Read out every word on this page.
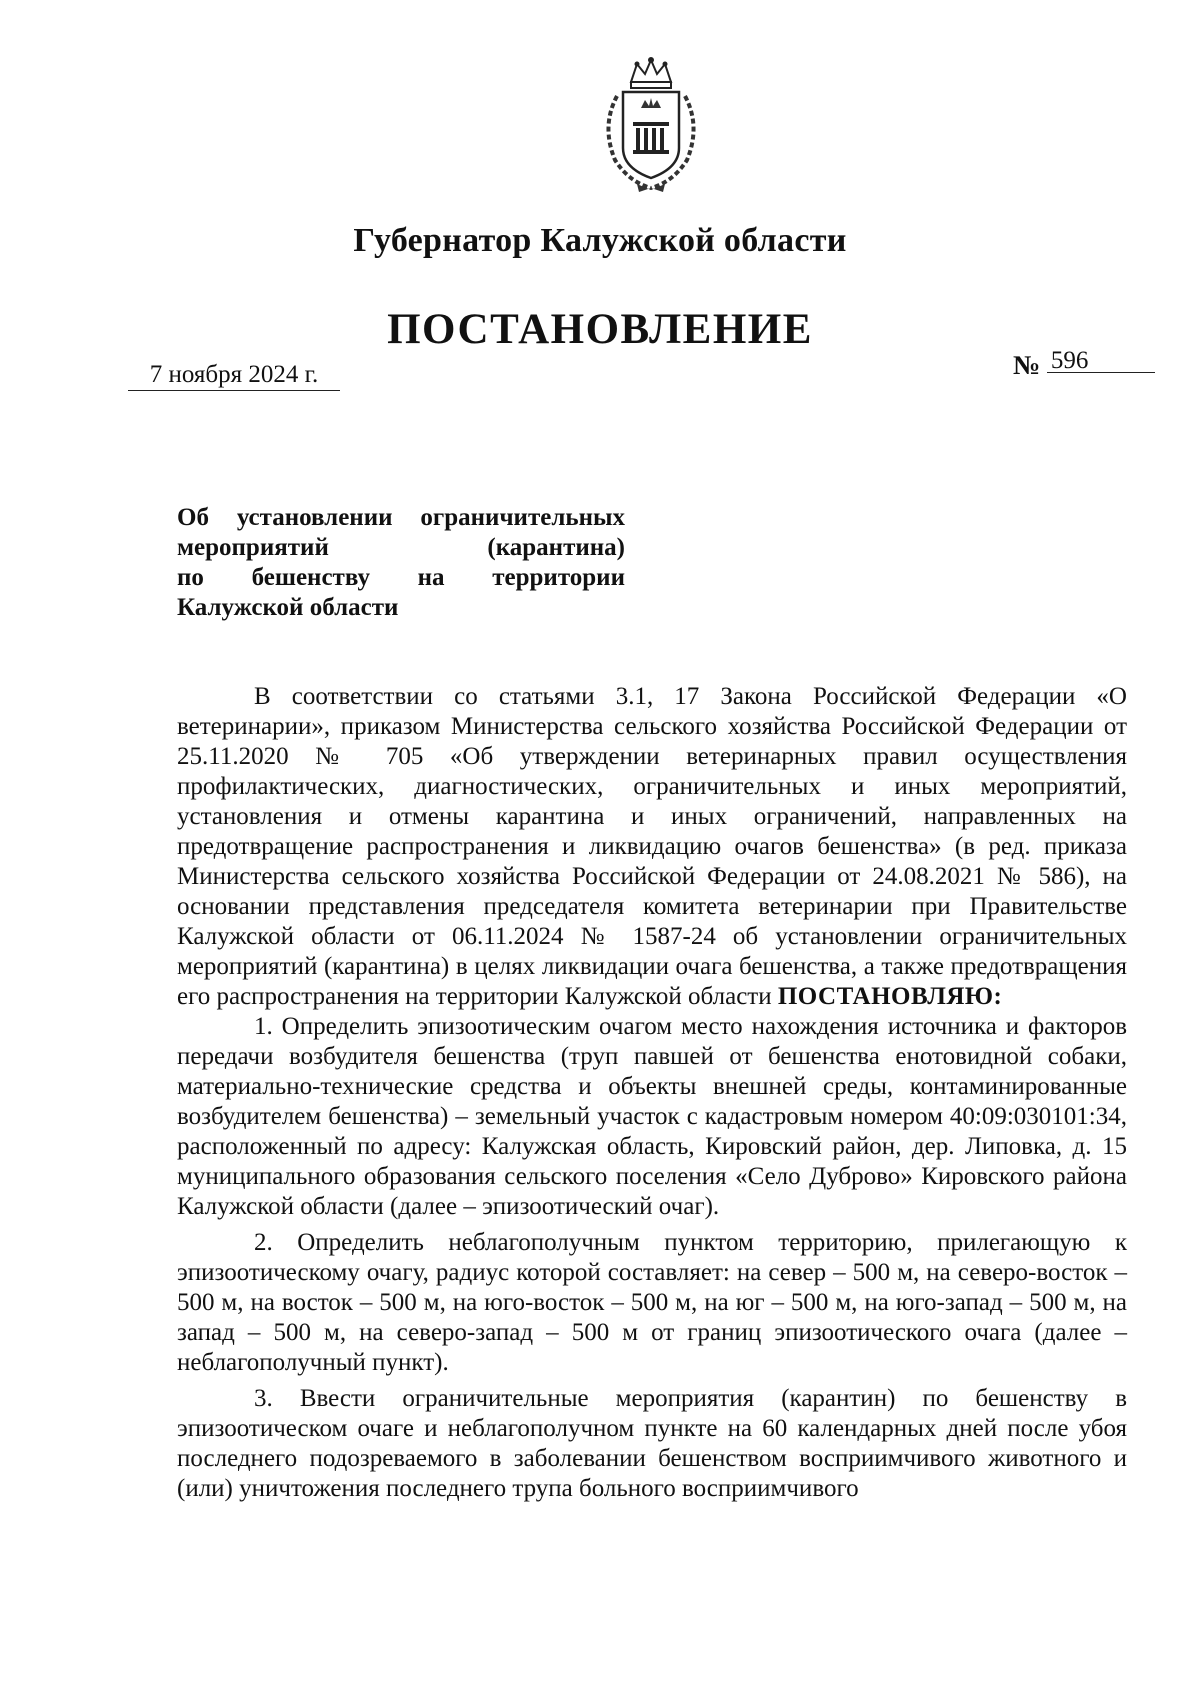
Губернатор Калужской области
ПОСТАНОВЛЕНИЕ
7 ноября 2024 г.	№ 596
Об установлении ограничительных
мероприятий (карантина)
по бешенству на территории

Калужской области

В соответствии со статьями 3.1, 17 Закона Российской Федерации «О ветеринарии», приказом Министерства сельского хозяйства Российской Федерации от 25.11.2020 № 705 «Об утверждении ветеринарных правил осуществления профилактических, диагностических, ограничительных и иных мероприятий, установления и отмены карантина и иных ограничений, направленных на предотвращение распространения и ликвидацию очагов бешенства» (в ред. приказа Министерства сельского хозяйства Российской Федерации от 24.08.2021 № 586), на основании представления председателя комитета ветеринарии при Правительстве Калужской области от 06.11.2024 № 1587-24 об установлении ограничительных мероприятий (карантина) в целях ликвидации очага бешенства, а также предотвращения его распространения на территории Калужской области ПОСТАНОВЛЯЮ:

1. Определить эпизоотическим очагом место нахождения источника и факторов передачи возбудителя бешенства (труп павшей от бешенства енотовидной собаки, материально-технические средства и объекты внешней среды, контаминированные возбудителем бешенства) – земельный участок с кадастровым номером 40:09:030101:34, расположенный по адресу: Калужская область, Кировский район, дер. Липовка, д. 15 муниципального образования сельского поселения «Село Дуброво» Кировского района Калужской области (далее – эпизоотический очаг).

2. Определить неблагополучным пунктом территорию, прилегающую к эпизоотическому очагу, радиус которой составляет: на север – 500 м, на северо-восток – 500 м, на восток – 500 м, на юго-восток – 500 м, на юг – 500 м, на юго-запад – 500 м, на запад – 500 м, на северо-запад – 500 м от границ эпизоотического очага (далее – неблагополучный пункт).

3. Ввести ограничительные мероприятия (карантин) по бешенству в эпизоотическом очаге и неблагополучном пункте на 60 календарных дней после убоя последнего подозреваемого в заболевании бешенством восприимчивого животного и (или) уничтожения последнего трупа больного восприимчивого
